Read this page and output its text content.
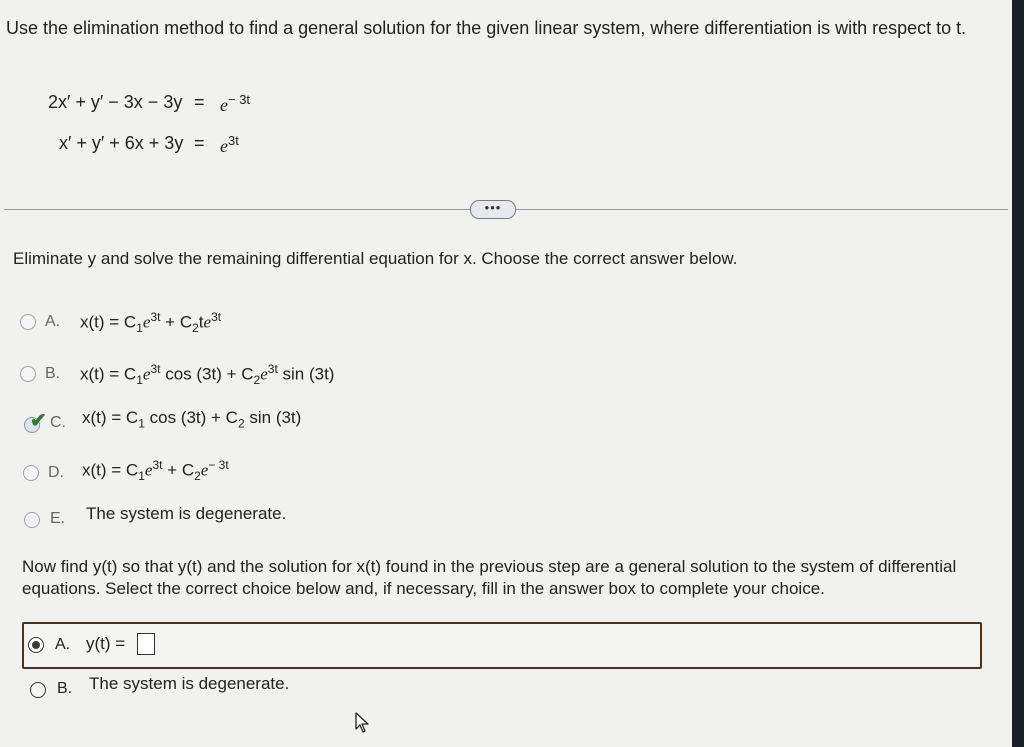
Use the elimination method to find a general solution for the given linear system, where differentiation is with respect to t.
$2x' + y' - 3x - 3y = e^{- 3t}$
$x' + y' + 6x + 3y = e^{3t}$
•••
Eliminate y and solve the remaining differential equation for x. Choose the correct answer below.
A. $x(t) = C_1e^{3t} + C_2te^{3t}$
B. $x(t) = C_1e^{3t}$ $\cos (3t) + C_2e^{3t}$ sin (3t)
✔ C. $x(t) = C_1$ $\cos (3t) + C_2$ sin (3t)
D. $x(t) = C_1e^{3t} + C_2e^{- 3t}$
E. The system is degenerate.
Now find y(t) so that y(t) and the solution for x(t) found in the previous step are a general solution to the system of differential equations. Select the correct choice below and, if necessary, fill in the answer box to complete your choice.
A. y(t) =
B. The system is degenerate.
